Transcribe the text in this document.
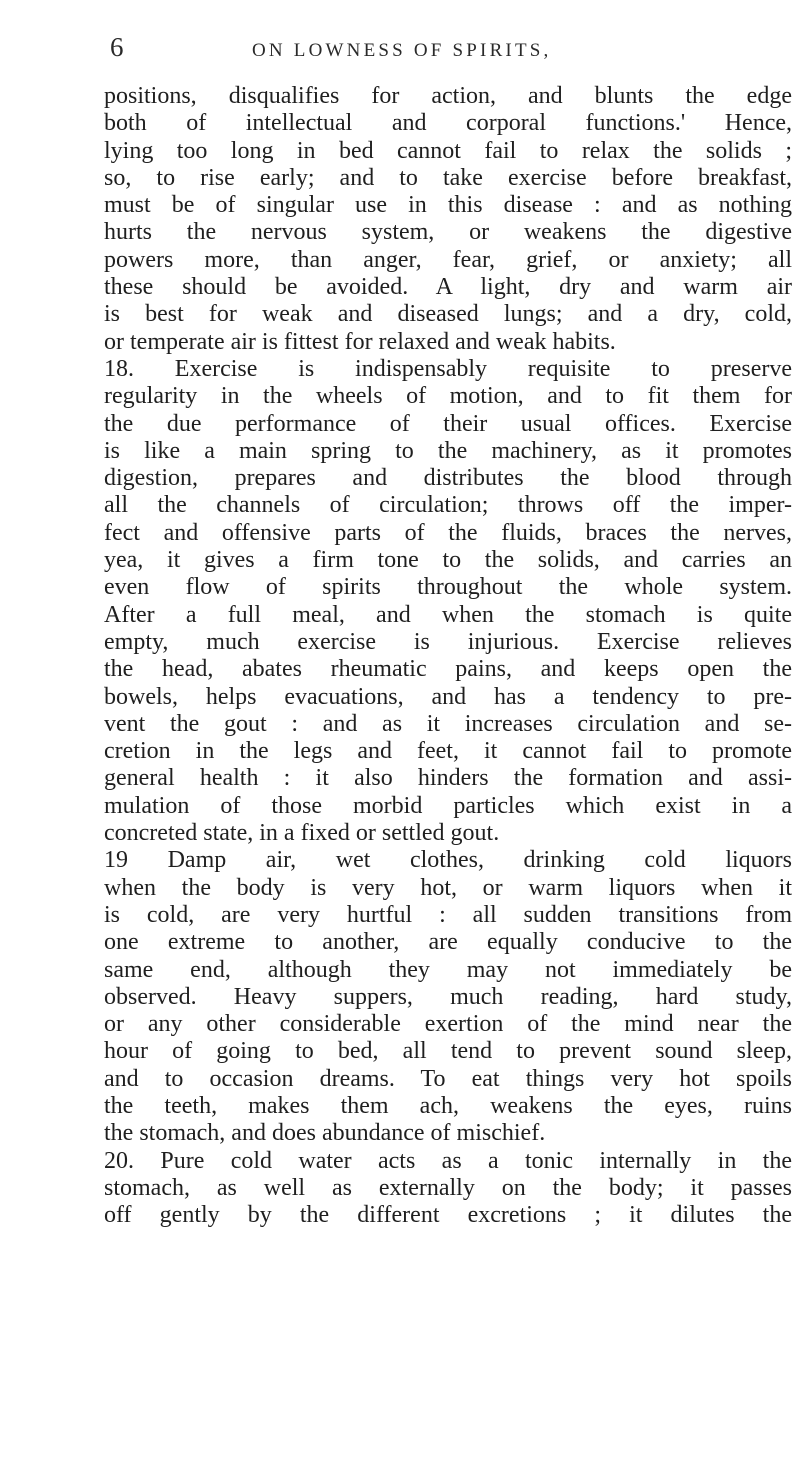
6	ON LOWNESS OF SPIRITS,
positions, disqualifies for action, and blunts the edge
both of intellectual and corporal functions.' Hence,
lying too long in bed cannot fail to relax the solids ;
so, to rise early; and to take exercise before breakfast,
must be of singular use in this disease : and as nothing
hurts the nervous system, or weakens the digestive
powers more, than anger, fear, grief, or anxiety; all
these should be avoided. A light, dry and warm air
is best for weak and diseased lungs; and a dry, cold,
or temperate air is fittest for relaxed and weak habits.
18. Exercise is indispensably requisite to preserve
regularity in the wheels of motion, and to fit them for
the due performance of their usual offices. Exercise
is like a main spring to the machinery, as it promotes
digestion, prepares and distributes the blood through
all the channels of circulation; throws off the imper-
fect and offensive parts of the fluids, braces the nerves,
yea, it gives a firm tone to the solids, and carries an
even flow of spirits throughout the whole system.
After a full meal, and when the stomach is quite
empty, much exercise is injurious. Exercise relieves
the head, abates rheumatic pains, and keeps open the
bowels, helps evacuations, and has a tendency to pre-
vent the gout : and as it increases circulation and se-
cretion in the legs and feet, it cannot fail to promote
general health : it also hinders the formation and assi-
mulation of those morbid particles which exist in a
concreted state, in a fixed or settled gout.
19 Damp air, wet clothes, drinking cold liquors
when the body is very hot, or warm liquors when it
is cold, are very hurtful : all sudden transitions from
one extreme to another, are equally conducive to the
same end, although they may not immediately be
observed. Heavy suppers, much reading, hard study,
or any other considerable exertion of the mind near the
hour of going to bed, all tend to prevent sound sleep,
and to occasion dreams. To eat things very hot spoils
the teeth, makes them ach, weakens the eyes, ruins
the stomach, and does abundance of mischief.
20. Pure cold water acts as a tonic internally in the
stomach, as well as externally on the body; it passes
off gently by the different excretions ; it dilutes the
